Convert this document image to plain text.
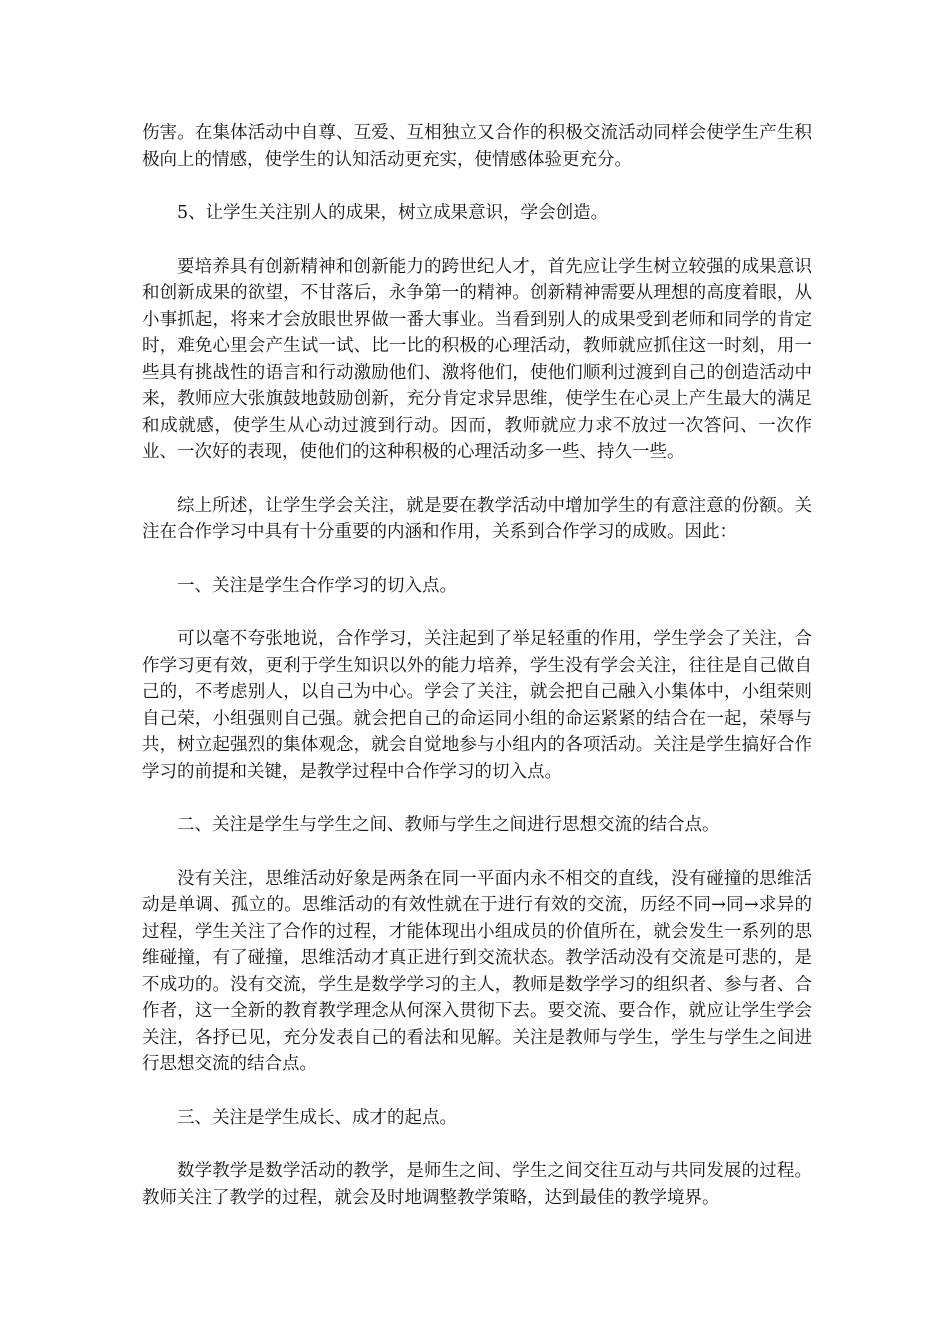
伤害。在集体活动中自尊、互爱、互相独立又合作的积极交流活动同样会使学生产生积极向上的情感，使学生的认知活动更充实，使情感体验更充分。

5、让学生关注别人的成果，树立成果意识，学会创造。

要培养具有创新精神和创新能力的跨世纪人才，首先应让学生树立较强的成果意识和创新成果的欲望，不甘落后，永争第一的精神。创新精神需要从理想的高度着眼，从小事抓起，将来才会放眼世界做一番大事业。当看到别人的成果受到老师和同学的肯定时，难免心里会产生试一试、比一比的积极的心理活动，教师就应抓住这一时刻，用一些具有挑战性的语言和行动激励他们、激将他们，使他们顺利过渡到自己的创造活动中来，教师应大张旗鼓地鼓励创新，充分肯定求异思维，使学生在心灵上产生最大的满足和成就感，使学生从心动过渡到行动。因而，教师就应力求不放过一次答问、一次作业、一次好的表现，使他们的这种积极的心理活动多一些、持久一些。

综上所述，让学生学会关注，就是要在教学活动中增加学生的有意注意的份额。关注在合作学习中具有十分重要的内涵和作用，关系到合作学习的成败。因此：

一、关注是学生合作学习的切入点。

可以毫不夸张地说，合作学习，关注起到了举足轻重的作用，学生学会了关注，合作学习更有效，更利于学生知识以外的能力培养，学生没有学会关注，往往是自己做自己的，不考虑别人，以自己为中心。学会了关注，就会把自己融入小集体中，小组荣则自己荣，小组强则自己强。就会把自己的命运同小组的命运紧紧的结合在一起，荣辱与共，树立起强烈的集体观念，就会自觉地参与小组内的各项活动。关注是学生搞好合作学习的前提和关键，是教学过程中合作学习的切入点。

二、关注是学生与学生之间、教师与学生之间进行思想交流的结合点。

没有关注，思维活动好象是两条在同一平面内永不相交的直线，没有碰撞的思维活动是单调、孤立的。思维活动的有效性就在于进行有效的交流，历经不同→同→求异的过程，学生关注了合作的过程，才能体现出小组成员的价值所在，就会发生一系列的思维碰撞，有了碰撞，思维活动才真正进行到交流状态。教学活动没有交流是可悲的，是不成功的。没有交流，学生是数学学习的主人，教师是数学学习的组织者、参与者、合作者，这一全新的教育教学理念从何深入贯彻下去。要交流、要合作，就应让学生学会关注，各抒已见，充分发表自己的看法和见解。关注是教师与学生，学生与学生之间进行思想交流的结合点。

三、关注是学生成长、成才的起点。

数学教学是数学活动的教学，是师生之间、学生之间交往互动与共同发展的过程。教师关注了教学的过程，就会及时地调整教学策略，达到最佳的教学境界。
